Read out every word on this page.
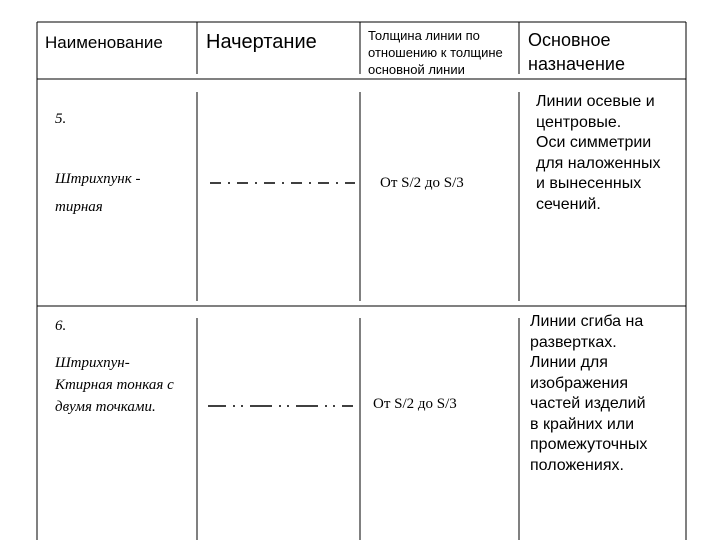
Наименование Начертание	Толщина линии по отношению к толщине основной линии
Основное
назначение
5.
Штрихпунк -
тирная
От S/2 до S/3
Линии осевые и
центровые.
Оси симметрии
для наложенных
и вынесенных
сечений.
6.
Штрихпун-
Ктирная тонкая с
двумя точками.	От S/2 до S/3
Линии сгиба на
развертках.
Линии для
изображения
частей изделий
в крайних или
промежуточных
положениях.
